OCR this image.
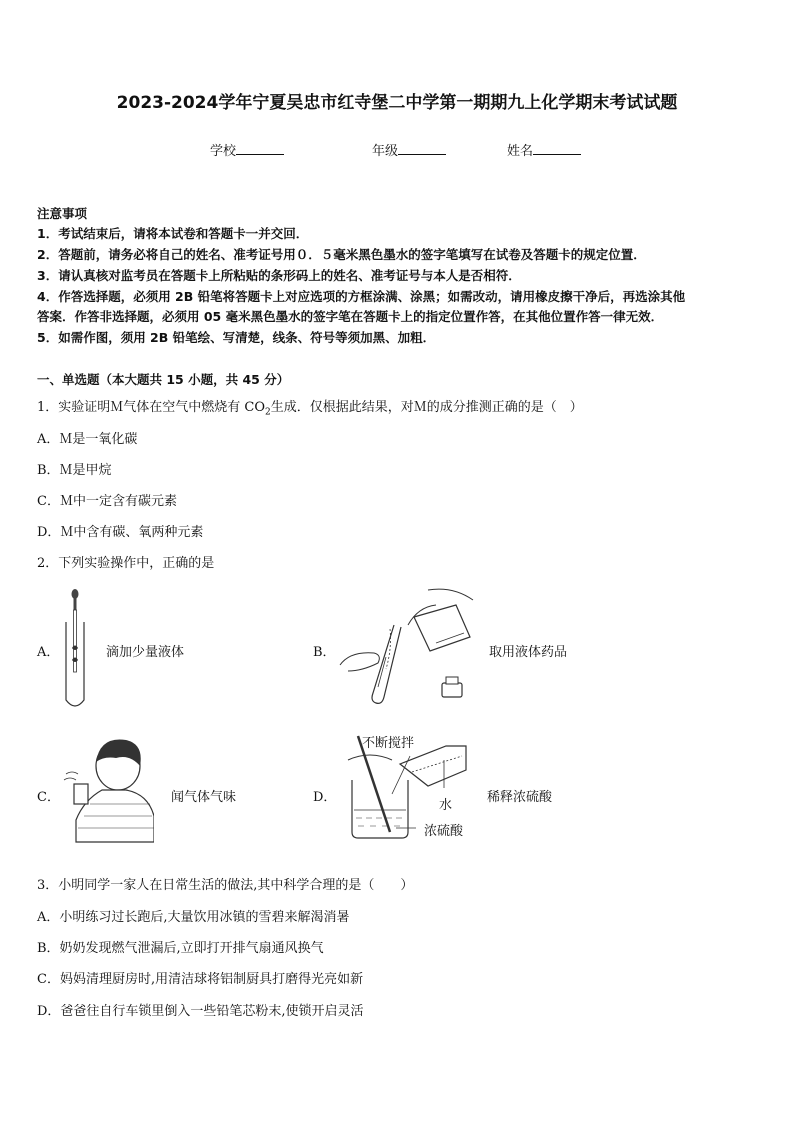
2023-2024学年宁夏吴忠市红寺堡二中学第一期期九上化学期末考试试题
学校	年级	姓名
注意事项
1．考试结束后，请将本试卷和答题卡一并交回．
2．答题前，请务必将自己的姓名、准考证号用０．５毫米黑色墨水的签字笔填写在试卷及答题卡的规定位置．
3．请认真核对监考员在答题卡上所粘贴的条形码上的姓名、准考证号与本人是否相符．
4．作答选择题，必须用 2B 铅笔将答题卡上对应选项的方框涂满、涂黑；如需改动，请用橡皮擦干净后，再选涂其他
答案．作答非选择题，必须用 05 毫米黑色墨水的签字笔在答题卡上的指定位置作答，在其他位置作答一律无效．
5．如需作图，须用 2B 铅笔绘、写清楚，线条、符号等须加黑、加粗．
一、单选题（本大题共 15 小题，共 45 分）
1．实验证明Ｍ气体在空气中燃烧有 $CO_2$生成．仅根据此结果，对Ｍ的成分推测正确的是（　）
A．Ｍ是一氧化碳
B．Ｍ是甲烷
C．Ｍ中一定含有碳元素
D．Ｍ中含有碳、氧两种元素
2．下列实验操作中，正确的是
A．	滴加少量液体	B．	取用液体药品
C．	闻气体气味	D．
不断搅拌
水
浓硫酸
稀释浓硫酸
3．小明同学一家人在日常生活的做法,其中科学合理的是（　　）
A．小明练习过长跑后,大量饮用冰镇的雪碧来解渴消暑
B．奶奶发现燃气泄漏后,立即打开排气扇通风换气
C．妈妈清理厨房时,用清洁球将铝制厨具打磨得光亮如新
D．爸爸往自行车锁里倒入一些铅笔芯粉末,使锁开启灵活
